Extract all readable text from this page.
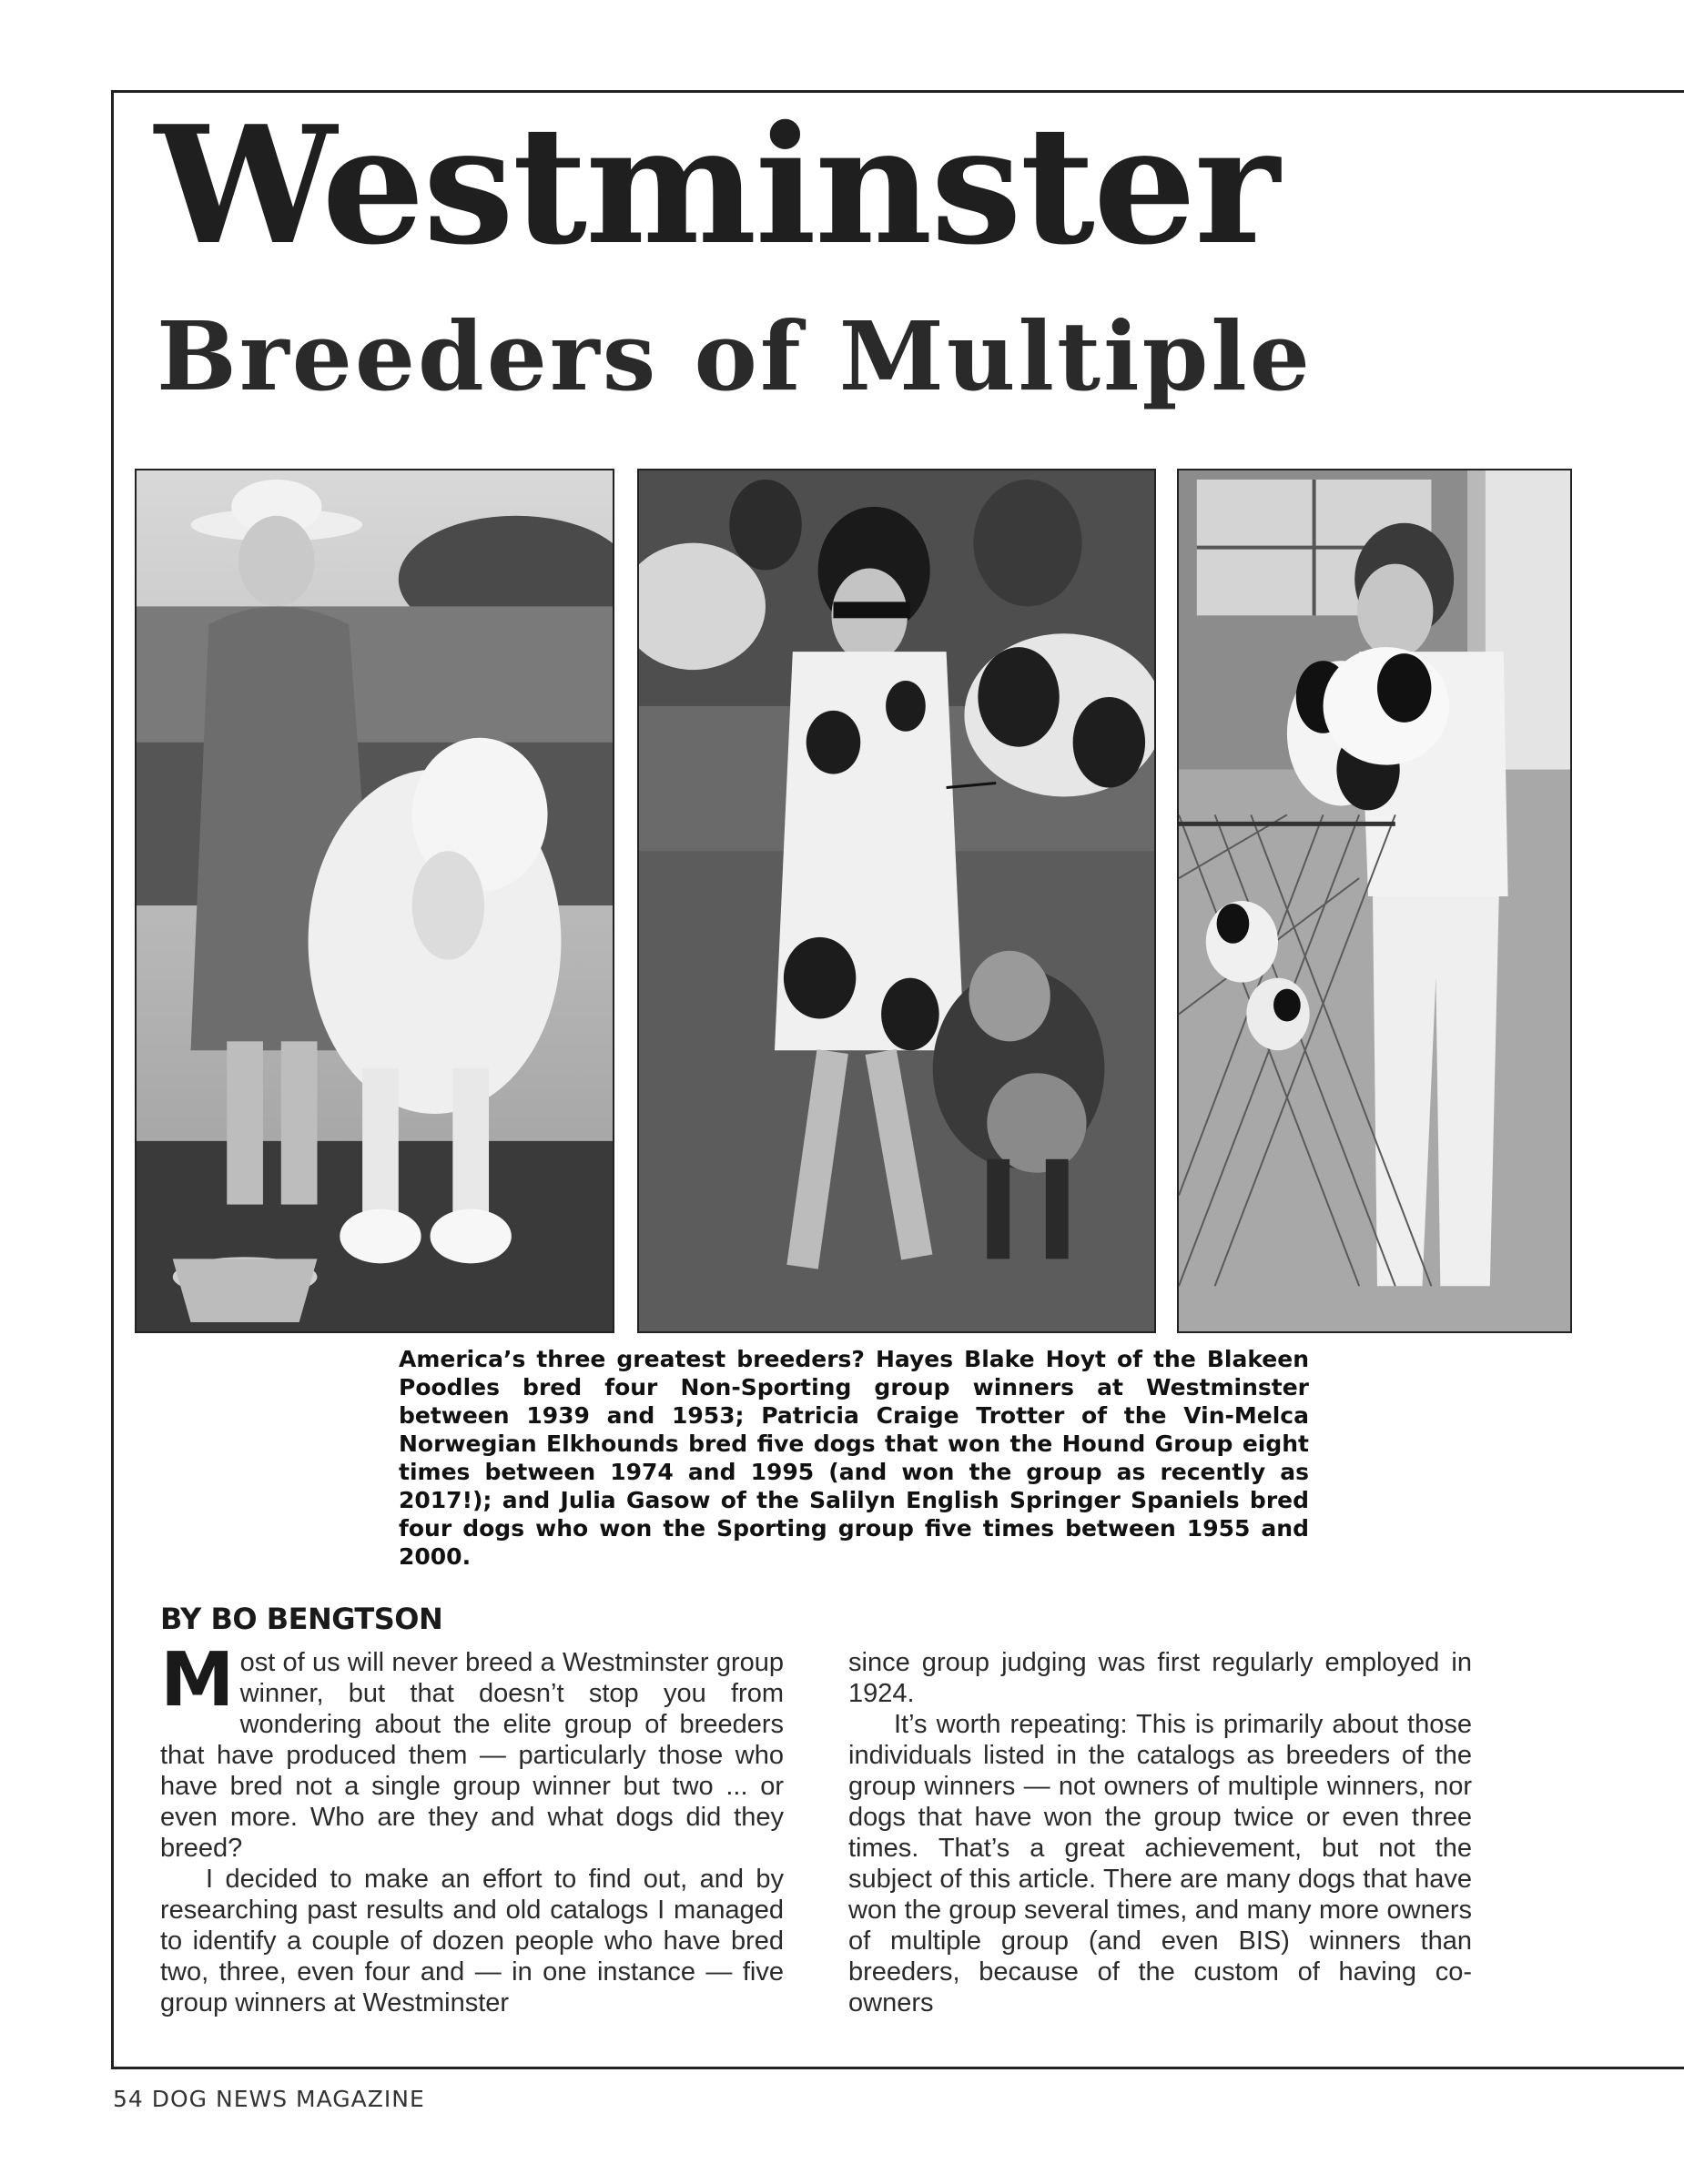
Westminster
Breeders of Multiple

America’s three greatest breeders? Hayes Blake Hoyt of the Blakeen Poodles bred four Non-Sporting group winners at Westminster between 1939 and 1953; Patricia Craige Trotter of the Vin-Melca Norwegian Elkhounds bred five dogs that won the Hound Group eight times between 1974 and 1995 (and won the group as recently as 2017!); and Julia Gasow of the Salilyn English Springer Spaniels bred four dogs who won the Sporting group five times between 1955 and 2000.

BY BO BENGTSON

Most of us will never breed a Westminster group winner, but that doesn’t stop you from wondering about the elite group of breeders that have produced them — particularly those who have bred not a single group winner but two ... or even more. Who are they and what dogs did they breed?

I decided to make an effort to find out, and by researching past results and old catalogs I managed to identify a couple of dozen people who have bred two, three, even four and — in one instance — five group winners at Westminster

since group judging was first regularly employed in 1924.

It’s worth repeating: This is primarily about those individuals listed in the catalogs as breeders of the group winners — not owners of multiple winners, nor dogs that have won the group twice or even three times. That’s a great achievement, but not the subject of this article. There are many dogs that have won the group several times, and many more owners of multiple group (and even BIS) winners than breeders, because of the custom of having co-owners

54 DOG NEWS MAGAZINE
